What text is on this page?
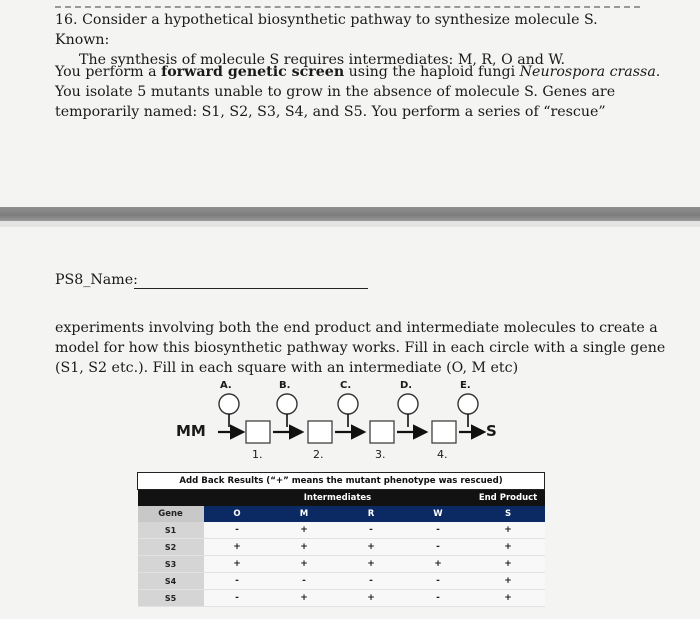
16. Consider a hypothetical biosynthetic pathway to synthesize molecule S. Known:
The synthesis of molecule S requires intermediates: M, R, O and W.

You perform a forward genetic screen using the haploid fungi Neurospora crassa. You isolate 5 mutants unable to grow in the absence of molecule S. Genes are temporarily named: S1, S2, S3, S4, and S5. You perform a series of “rescue”

PS8_Name:

experiments involving both the end product and intermediate molecules to create a model for how this biosynthetic pathway works. Fill in each circle with a single gene (S1, S2 etc.). Fill in each square with an intermediate (O, M etc)

A.	B.	C.	D.	E.
MM	S
1.	2.	3.	4.
Add Back Results (“+” means the mutant phenotype was rescued)					
	Intermediates				End Product
Gene	O	M	R	W	S
S1	-	+	-	-	+
S2	+	+	+	-	+
S3	+	+	+	+	+
S4	-	-	-	-	+
S5	-	+	+	-	+
